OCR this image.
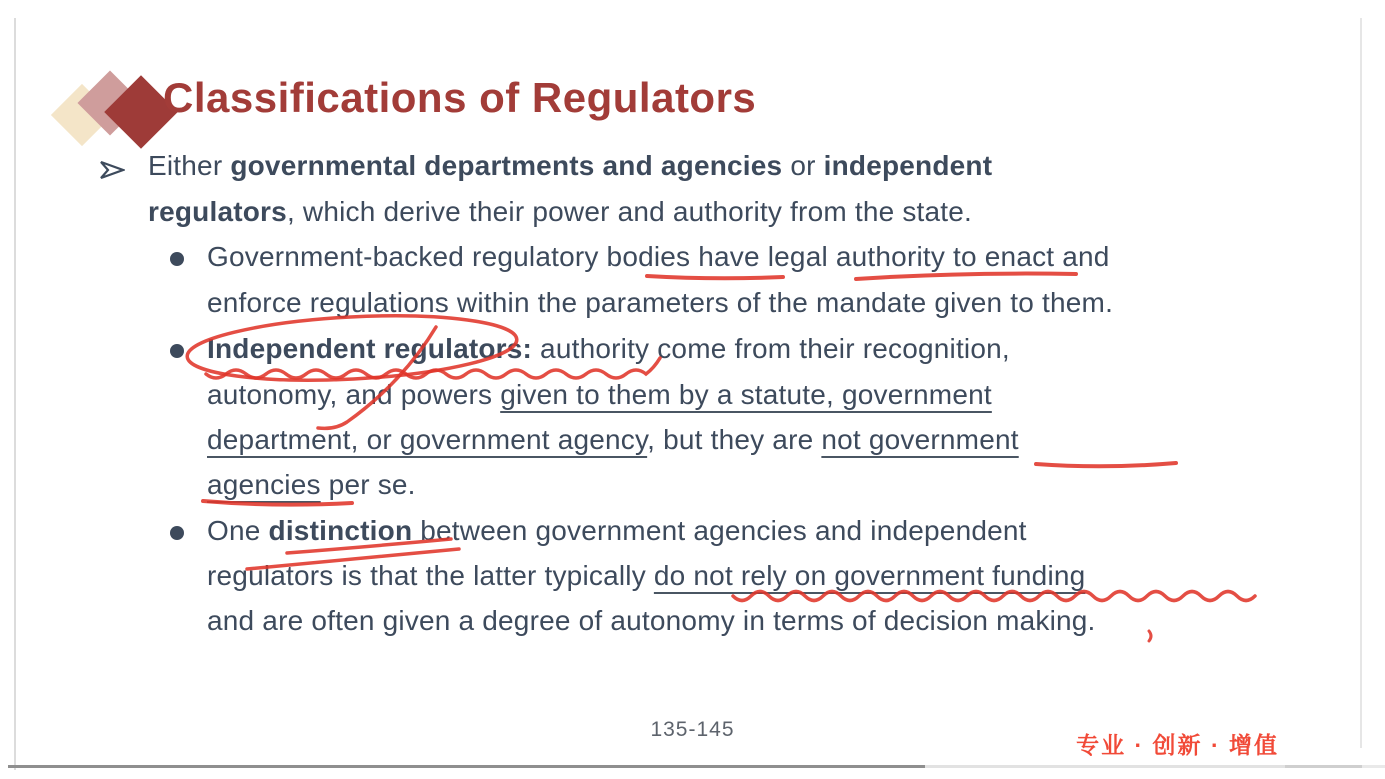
Classifications of Regulators
Either governmental departments and agencies or independent
regulators, which derive their power and authority from the state.
Government-backed regulatory bodies have legal authority to enact and
enforce regulations within the parameters of the mandate given to them.
Independent regulators: authority come from their recognition,
autonomy, and powers given to them by a statute, government
department, or government agency, but they are not government
agencies per se.
One distinction between government agencies and independent
regulators is that the latter typically do not rely on government funding
and are often given a degree of autonomy in terms of decision making.
135-145
专业 · 创新 · 增值
